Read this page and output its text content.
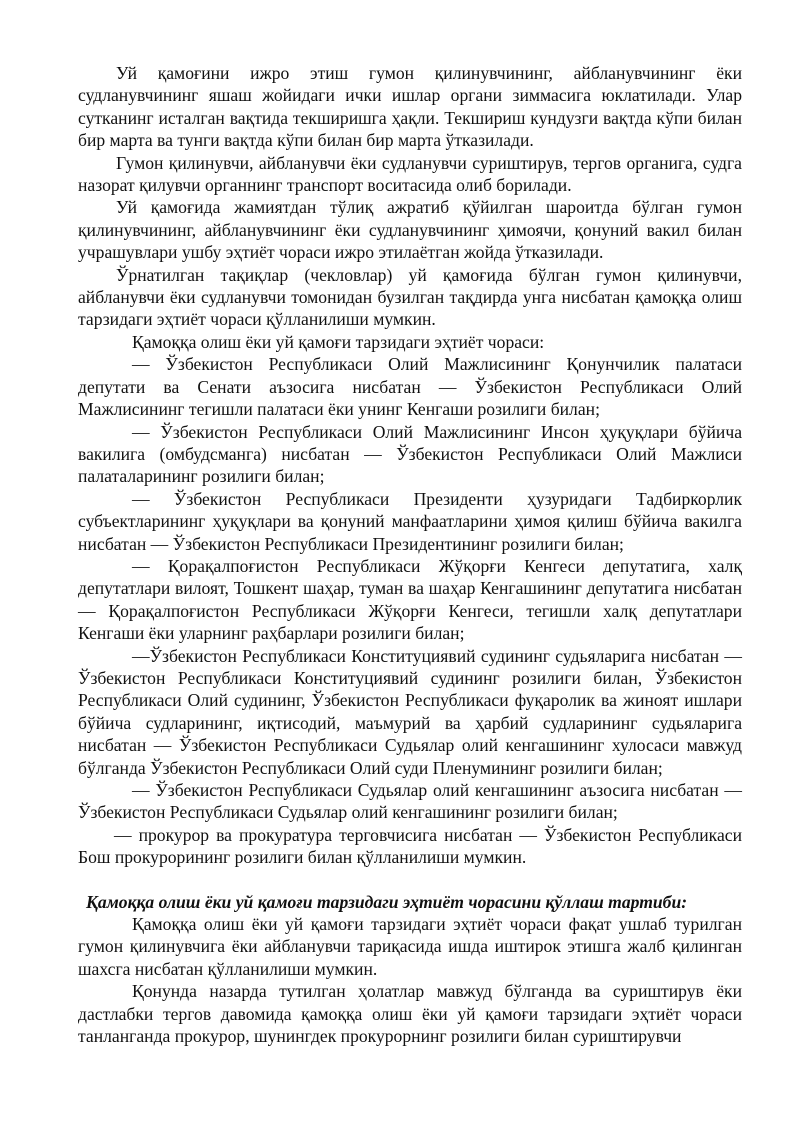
Уй қамоғини ижро этиш гумон қилинувчининг, айбланувчининг ёки судланувчининг яшаш жойидаги ички ишлар органи зиммасига юклатилади. Улар сутканинг исталган вақтида текширишга ҳақли. Текшириш кундузги вақтда кўпи билан бир марта ва тунги вақтда кўпи билан бир марта ўтказилади.

Гумон қилинувчи, айбланувчи ёки судланувчи суриштирув, тергов органига, судга назорат қилувчи органнинг транспорт воситасида олиб борилади.

Уй қамоғида жамиятдан тўлиқ ажратиб қўйилган шароитда бўлган гумон қилинувчининг, айбланувчининг ёки судланувчининг ҳимоячи, қонуний вакил билан учрашувлари ушбу эҳтиёт чораси ижро этилаётган жойда ўтказилади.

Ўрнатилган тақиқлар (чекловлар) уй қамоғида бўлган гумон қилинувчи, айбланувчи ёки судланувчи томонидан бузилган тақдирда унга нисбатан қамоққа олиш тарзидаги эҳтиёт чораси қўлланилиши мумкин.

Қамоққа олиш ёки уй қамоғи тарзидаги эҳтиёт чораси:

— Ўзбекистон Республикаси Олий Мажлисининг Қонунчилик палатаси депутати ва Сенати аъзосига нисбатан — Ўзбекистон Республикаси Олий Мажлисининг тегишли палатаси ёки унинг Кенгаши розилиги билан;

— Ўзбекистон Республикаси Олий Мажлисининг Инсон ҳуқуқлари бўйича вакилига (омбудсманга) нисбатан — Ўзбекистон Республикаси Олий Мажлиси палаталарининг розилиги билан;

— Ўзбекистон Республикаси Президенти ҳузуридаги Тадбиркорлик субъектларининг ҳуқуқлари ва қонуний манфаатларини ҳимоя қилиш бўйича вакилга нисбатан — Ўзбекистон Республикаси Президентининг розилиги билан;

— Қорақалпоғистон Республикаси Жўқорғи Кенгеси депутатига, халқ депутатлари вилоят, Тошкент шаҳар, туман ва шаҳар Кенгашининг депутатига нисбатан — Қорақалпоғистон Республикаси Жўқорғи Кенгеси, тегишли халқ депутатлари Кенгаши ёки уларнинг раҳбарлари розилиги билан;

—Ўзбекистон Республикаси Конституциявий судининг судьяларига нисбатан — Ўзбекистон Республикаси Конституциявий судининг розилиги билан, Ўзбекистон Республикаси Олий судининг, Ўзбекистон Республикаси фуқаролик ва жиноят ишлари бўйича судларининг, иқтисодий, маъмурий ва ҳарбий судларининг судьяларига нисбатан — Ўзбекистон Республикаси Судьялар олий кенгашининг хулосаси мавжуд бўлганда Ўзбекистон Республикаси Олий суди Пленумининг розилиги билан;

— Ўзбекистон Республикаси Судьялар олий кенгашининг аъзосига нисбатан — Ўзбекистон Республикаси Судьялар олий кенгашининг розилиги билан;

— прокурор ва прокуратура терговчисига нисбатан — Ўзбекистон Республикаси Бош прокурорининг розилиги билан қўлланилиши мумкин.

Қамоққа олиш ёки уй қамоғи тарзидаги эҳтиёт чорасини қўллаш тартиби:

Қамоққа олиш ёки уй қамоғи тарзидаги эҳтиёт чораси фақат ушлаб турилган гумон қилинувчига ёки айбланувчи тариқасида ишда иштирок этишга жалб қилинган шахсга нисбатан қўлланилиши мумкин.

Қонунда назарда тутилган ҳолатлар мавжуд бўлганда ва суриштирув ёки дастлабки тергов давомида қамоққа олиш ёки уй қамоғи тарзидаги эҳтиёт чораси танланганда прокурор, шунингдек прокурорнинг розилиги билан суриштирувчи
